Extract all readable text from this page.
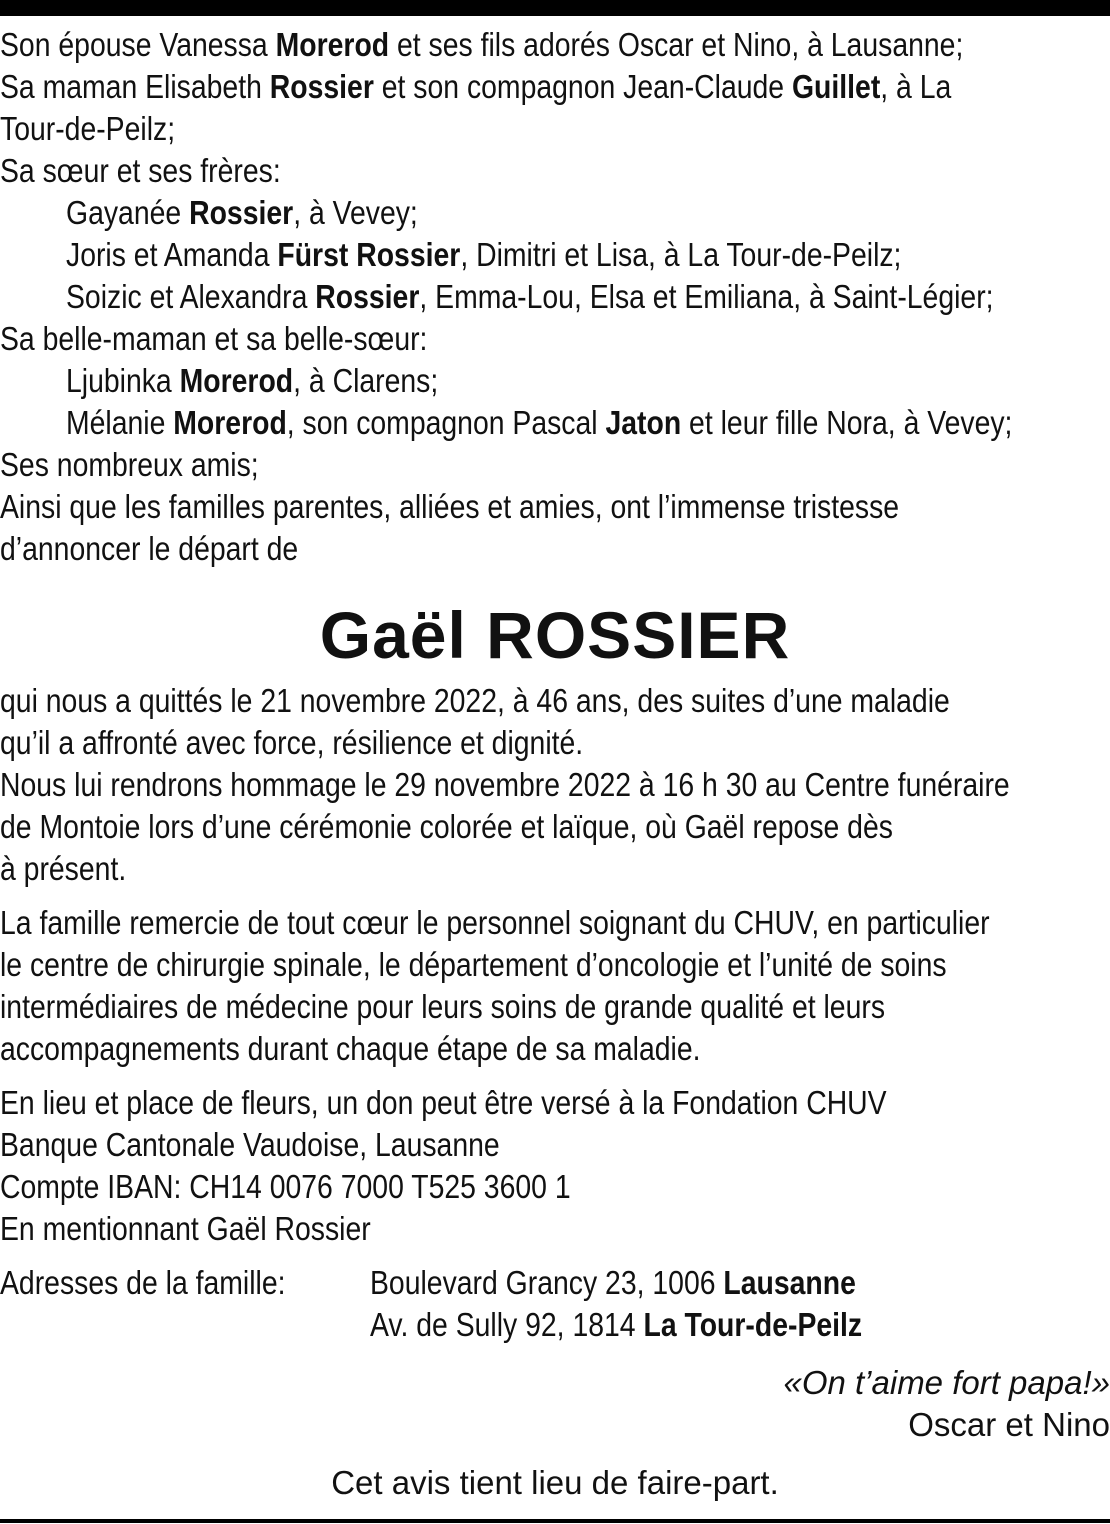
Son épouse Vanessa Morerod et ses fils adorés Oscar et Nino, à Lausanne;
Sa maman Elisabeth Rossier et son compagnon Jean-Claude Guillet, à La
Tour-de-Peilz;
Sa sœur et ses frères:
Gayanée Rossier, à Vevey;
Joris et Amanda Fürst Rossier, Dimitri et Lisa, à La Tour-de-Peilz;
Soizic et Alexandra Rossier, Emma-Lou, Elsa et Emiliana, à Saint-Légier;
Sa belle-maman et sa belle-sœur:
Ljubinka Morerod, à Clarens;
Mélanie Morerod, son compagnon Pascal Jaton et leur fille Nora, à Vevey;
Ses nombreux amis;
Ainsi que les familles parentes, alliées et amies, ont l’immense tristesse
d’annoncer le départ de
Gaël ROSSIER
qui nous a quittés le 21 novembre 2022, à 46 ans, des suites d’une maladie
qu’il a affronté avec force, résilience et dignité.
Nous lui rendrons hommage le 29 novembre 2022 à 16 h 30 au Centre funéraire
de Montoie lors d’une cérémonie colorée et laïque, où Gaël repose dès
à présent.
La famille remercie de tout cœur le personnel soignant du CHUV, en particulier
le centre de chirurgie spinale, le département d’oncologie et l’unité de soins
intermédiaires de médecine pour leurs soins de grande qualité et leurs
accompagnements durant chaque étape de sa maladie.
En lieu et place de fleurs, un don peut être versé à la Fondation CHUV
Banque Cantonale Vaudoise, Lausanne
Compte IBAN: CH14 0076 7000 T525 3600 1
En mentionnant Gaël Rossier
Adresses de la famille:	Boulevard Grancy 23, 1006 Lausanne
Av. de Sully 92, 1814 La Tour-de-Peilz
«On t’aime fort papa!»
Oscar et Nino
Cet avis tient lieu de faire-part.
